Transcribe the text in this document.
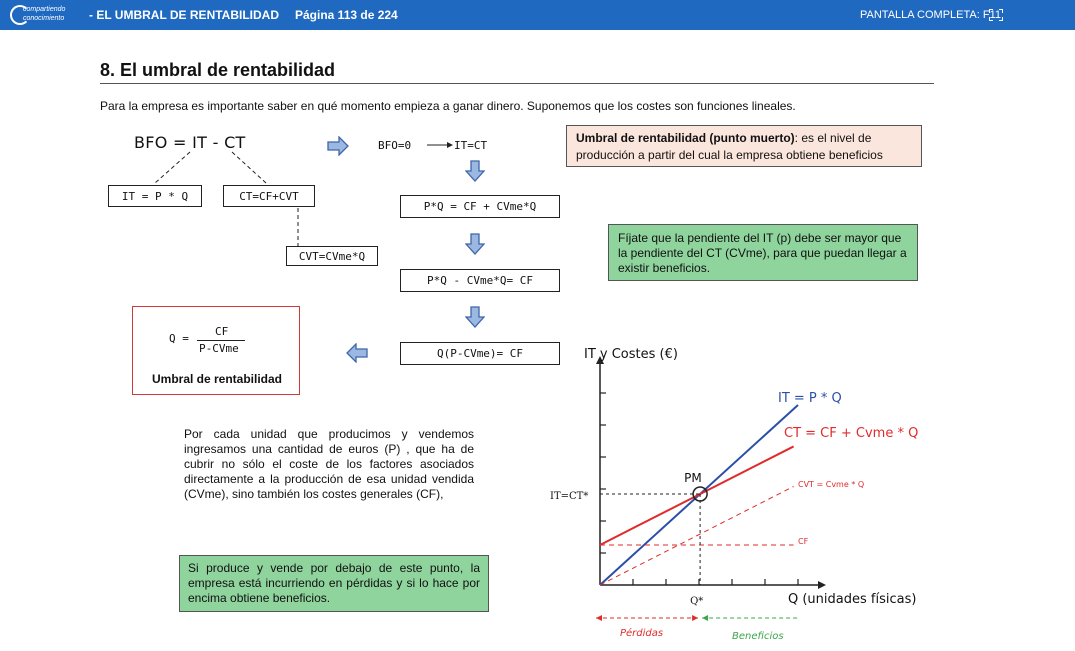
compartiendo
conocimiento - EL UMBRAL DE RENTABILIDAD Página 113 de 224	PANTALLA COMPLETA: F11
8. El umbral de rentabilidad
Para la empresa es importante saber en qué momento empieza a ganar dinero. Suponemos que los costes son funciones lineales.
BFO = IT - CT
IT = P * Q	CT=CF+CVT
CVT=CVme*Q
BFO=0	IT=CT
P*Q = CF + CVme*Q
P*Q - CVme*Q= CF
Q(P-CVme)= CF
Q =
CF
P-CVme
Umbral de rentabilidad
Umbral de rentabilidad (punto muerto): es el nivel de producción a partir del cual la empresa obtiene beneficios
Fíjate que la pendiente del IT (p) debe ser mayor que la pendiente del CT (CVme), para que puedan llegar a existir beneficios.
Por cada unidad que producimos y vendemos ingresamos una cantidad de euros (P) , que ha de cubrir no sólo el coste de los factores asociados directamente a la producción de esa unidad vendida (CVme), sino también los costes generales (CF),
Si produce y vende por debajo de este punto, la empresa está incurriendo en pérdidas y si lo hace por encima obtiene beneficios.
IT y Costes (€)
Q (unidades físicas)
IT = P * Q
CT = CF + Cvme * Q
CVT = Cvme * Q
CF
PM
IT=CT*
Q*
Pérdidas	Beneficios
